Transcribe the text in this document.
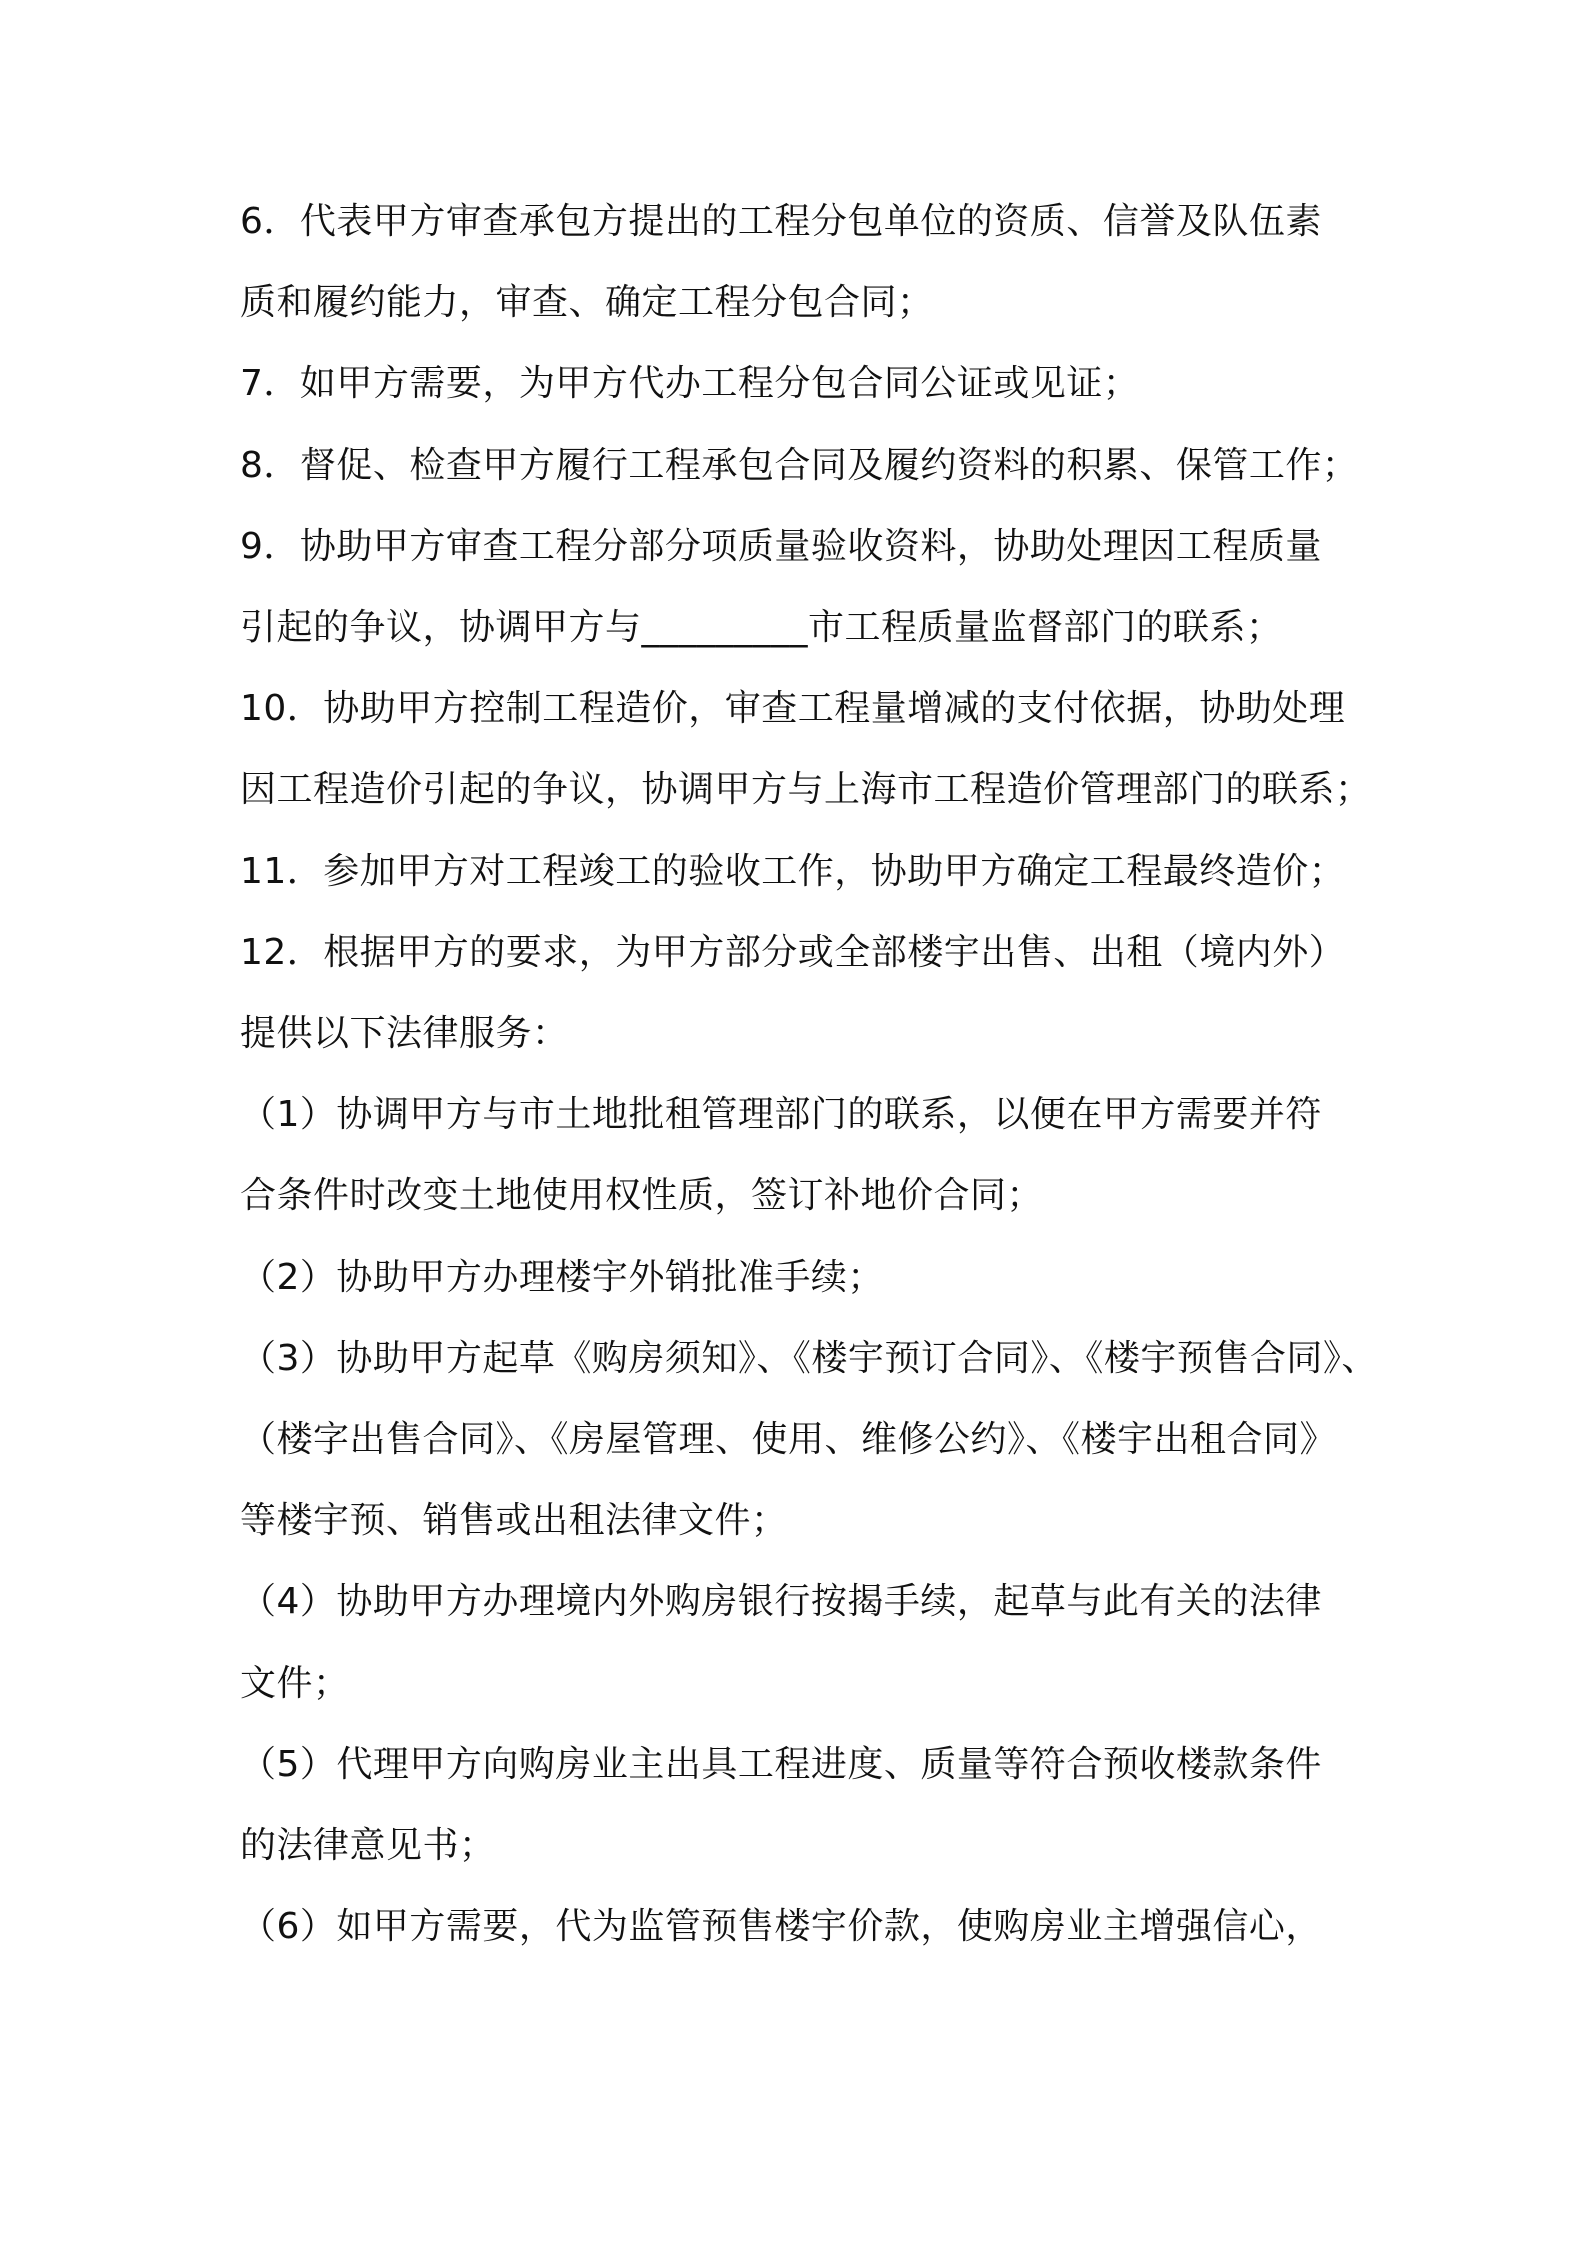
6．代表甲方审查承包方提出的工程分包单位的资质、信誉及队伍素
质和履约能力，审查、确定工程分包合同；
7．如甲方需要，为甲方代办工程分包合同公证或见证；
8．督促、检查甲方履行工程承包合同及履约资料的积累、保管工作；
9．协助甲方审查工程分部分项质量验收资料，协助处理因工程质量
引起的争议，协调甲方与_________市工程质量监督部门的联系；
10．协助甲方控制工程造价，审查工程量增减的支付依据，协助处理
因工程造价引起的争议，协调甲方与上海市工程造价管理部门的联系；
11．参加甲方对工程竣工的验收工作，协助甲方确定工程最终造价；
12．根据甲方的要求，为甲方部分或全部楼宇出售、出租（境内外）
提供以下法律服务：
（1）协调甲方与市土地批租管理部门的联系，以便在甲方需要并符
合条件时改变土地使用权性质，签订补地价合同；
（2）协助甲方办理楼宇外销批准手续；
（3）协助甲方起草《购房须知》、《楼宇预订合同》、《楼宇预售合同》、
（楼字出售合同》、《房屋管理、使用、维修公约》、《楼宇出租合同》
等楼宇预、销售或出租法律文件；
（4）协助甲方办理境内外购房银行按揭手续，起草与此有关的法律
文件；
（5）代理甲方向购房业主出具工程进度、质量等符合预收楼款条件
的法律意见书；
（6）如甲方需要，代为监管预售楼宇价款，使购房业主增强信心，
